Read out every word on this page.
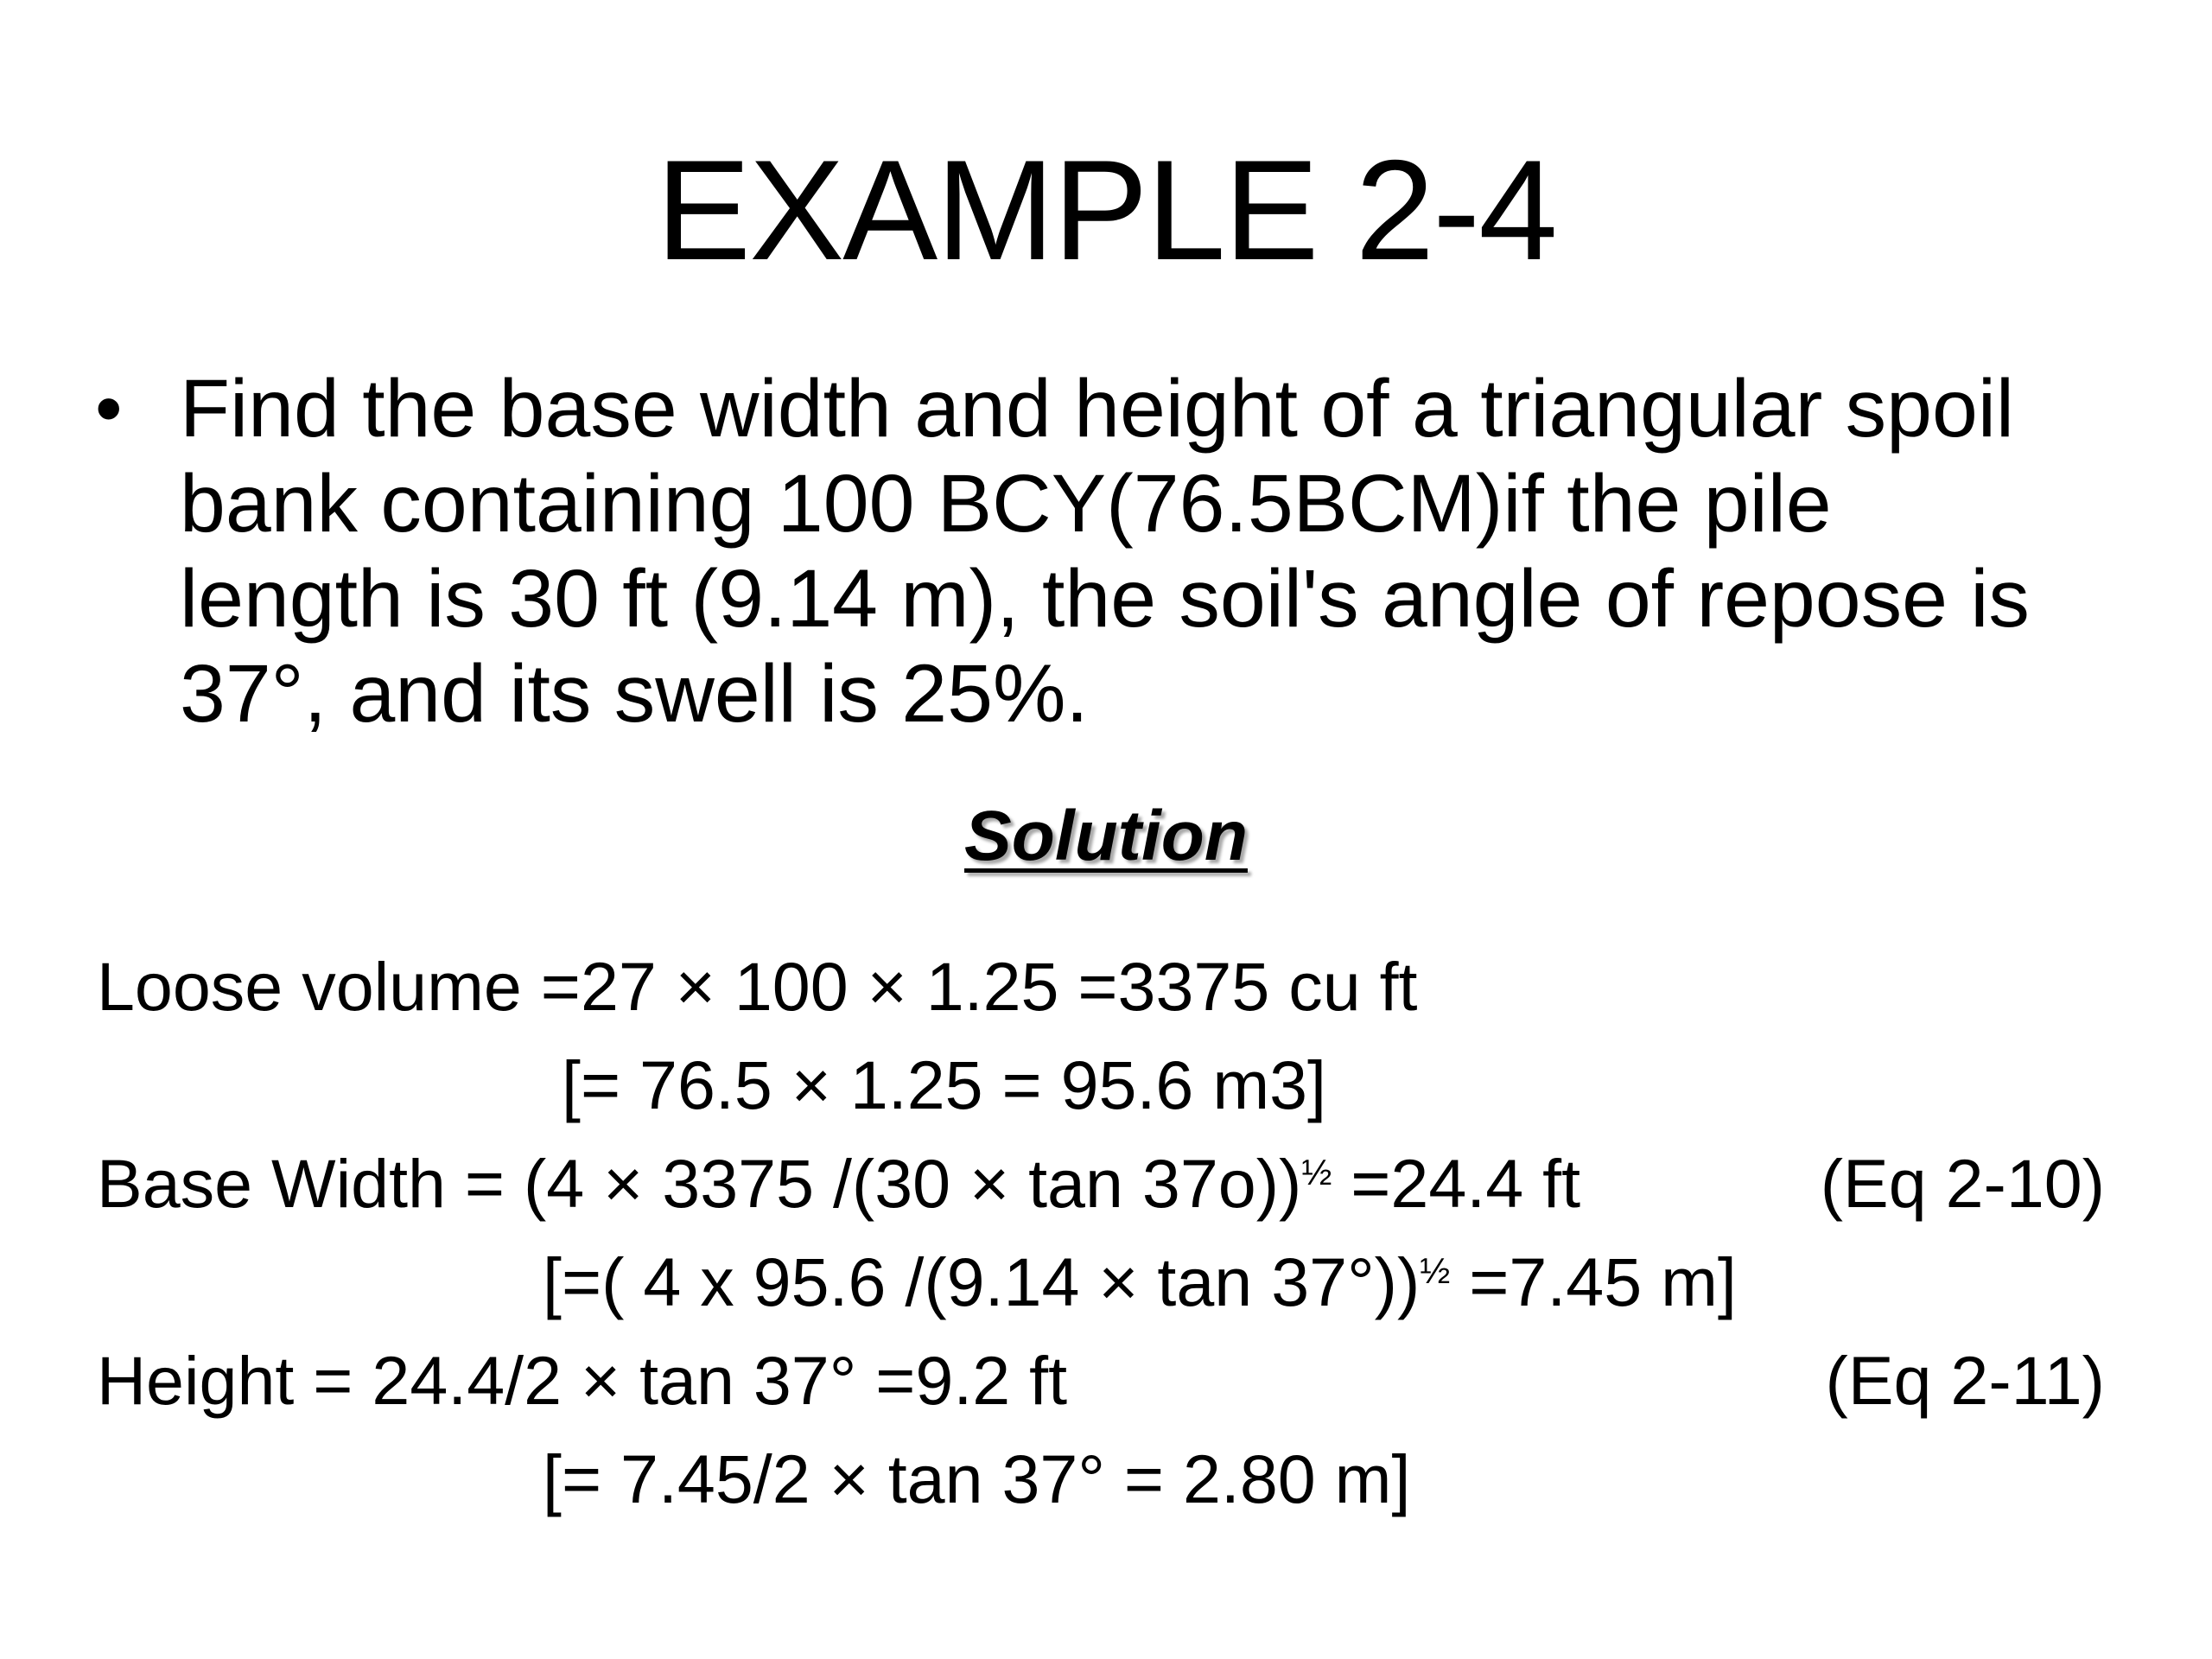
EXAMPLE 2-4
• Find the base width and height of a triangular spoil
bank containing 100 BCY(76.5BCM)if the pile
length is 30 ft (9.14 m), the soil's angle of repose is
37°, and its swell is 25%.
Solution
Loose volume =27 × 100 × 1.25 =3375 cu ft
[= 76.5 × 1.25 = 95.6 m3]
Base Width = (4 × 3375 /(30 × tan 37o))$^{\frac{1}{2}}$ =24.4 ft	(Eq 2-10)
[=( 4 x 95.6 /(9.14 × tan 37°))$^{\frac{1}{2}}$ =7.45 m]
Height = 24.4/2 × tan 37° =9.2 ft	(Eq 2-11)
[= 7.45/2 × tan 37° = 2.80 m]
